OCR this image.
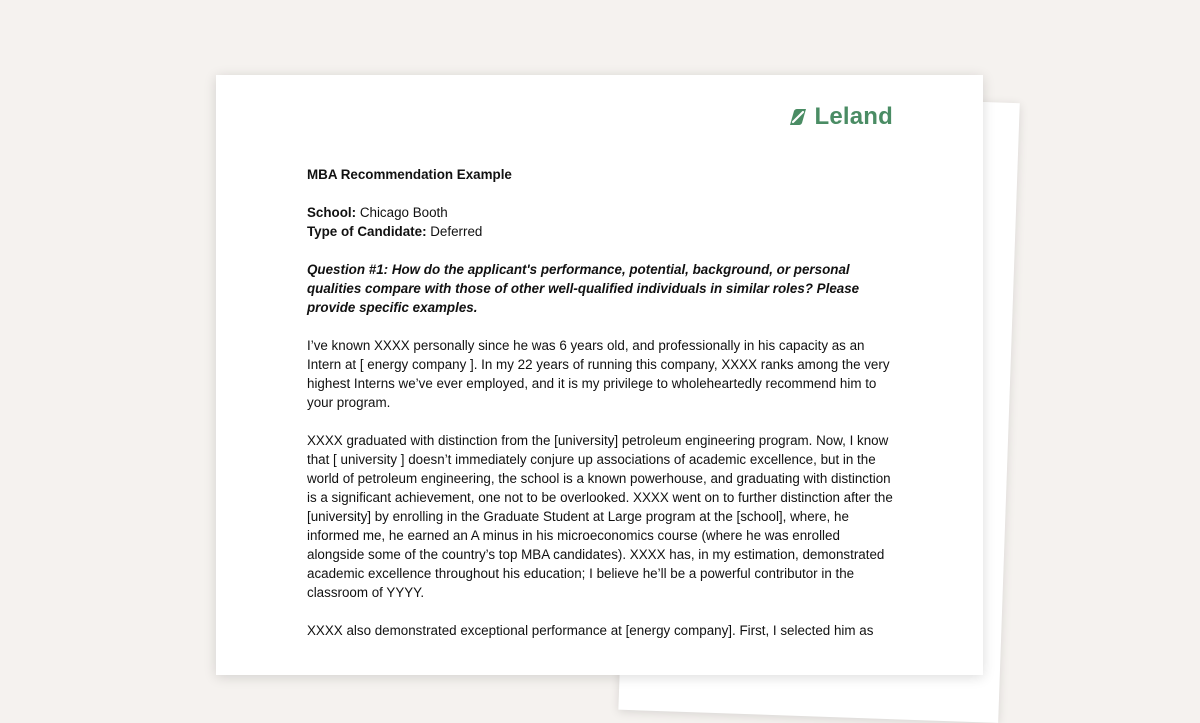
Leland

MBA Recommendation Example

School: Chicago Booth

Type of Candidate: Deferred

Question #1: How do the applicant's performance, potential, background, or personal qualities compare with those of other well-qualified individuals in similar roles? Please provide specific examples.

I’ve known XXXX personally since he was 6 years old, and professionally in his capacity as an Intern at [ energy company ]. In my 22 years of running this company, XXXX ranks among the very highest Interns we’ve ever employed, and it is my privilege to wholeheartedly recommend him to your program.

XXXX graduated with distinction from the [university] petroleum engineering program. Now, I know that [ university ] doesn’t immediately conjure up associations of academic excellence, but in the world of petroleum engineering, the school is a known powerhouse, and graduating with distinction is a significant achievement, one not to be overlooked. XXXX went on to further distinction after the [university] by enrolling in the Graduate Student at Large program at the [school], where, he informed me, he earned an A minus in his microeconomics course (where he was enrolled alongside some of the country’s top MBA candidates). XXXX has, in my estimation, demonstrated academic excellence throughout his education; I believe he’ll be a powerful contributor in the classroom of YYYY.

XXXX also demonstrated exceptional performance at [energy company]. First, I selected him as
